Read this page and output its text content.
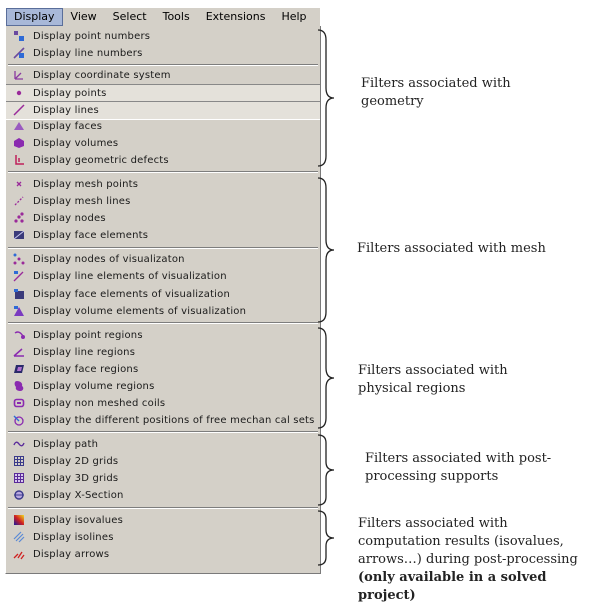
Display	View	Select	Tools	Extensions	Help
Display point numbers
Display line numbers
Display coordinate system
Display points
Display lines
Display faces
Display volumes
Display geometric defects
Display mesh points
Display mesh lines
Display nodes
Display face elements
Display nodes of visualizaton
Display line elements of visualization
Display face elements of visualization
Display volume elements of visualization
Display point regions
Display line regions
Display face regions
Display volume regions
Display non meshed coils
Display the different positions of free mechan cal sets
Display path
Display 2D grids
Display 3D grids
Display X-Section
Display isovalues
Display isolines
Display arrows
Filters associated with geometry
Filters associated with mesh
Filters associated with physical regions
Filters associated with post-processing supports
Filters associated with computation results (isovalues, arrows…) during post-processing (only available in a solved project)
